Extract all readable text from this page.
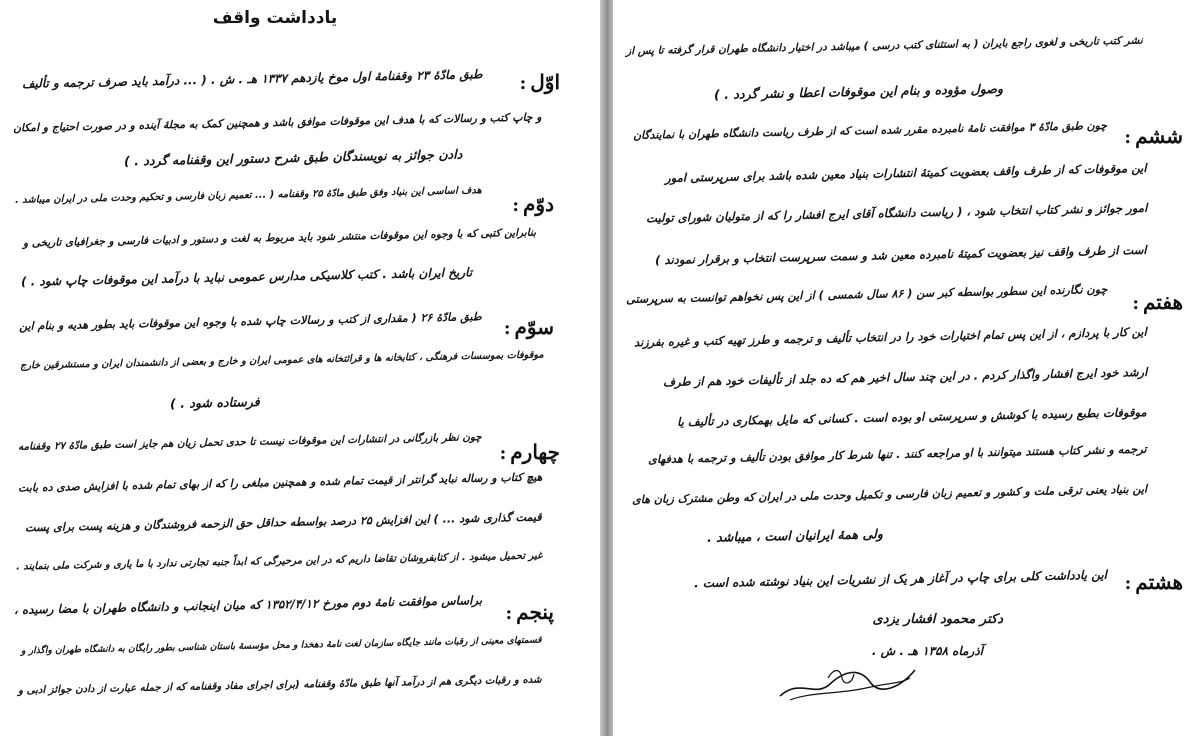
یادداشت واقف
اوّل:
طبق مادّهٔ ۲۳ وقفنامهٔ اول موخ یازدهم ۱۳۳۷ هـ . ش . ( ... درآمد باید صرف ترجمه و تألیف
و چاپ کتب و رسالات که با هدف این موقوفات موافق باشد و همچنین کمک به مجلهٔ آینده و در صورت احتیاج و امکان
دادن جوائز به نویسندگان طبق شرح دستور این وقفنامه گردد . )
دوّم:
هدف اساسی این بنیاد وفق طبق مادّهٔ ۲۵ وقفنامه ( ... تعمیم زبان فارسی و تحکیم وحدت ملی در ایران میباشد .
بنابراین کتبی که با وجوه این موقوفات منتشر شود باید مربوط به لغت و دستور و ادبیات فارسی و جغرافیای تاریخی و
تاریخ ایران باشد . کتب کلاسیکی مدارس عمومی نباید با درآمد این موقوفات چاپ شود . )
سوّم:
طبق مادّهٔ ۲۶ ( مقداری از کتب و رسالات چاپ شده با وجوه این موقوفات باید بطور هدیه و بنام این
موقوفات بموسسات فرهنگی ، کتابخانه ها و قرائتخانه های عمومی ایران و خارج و بعضی از دانشمندان ایران و مستشرقین خارج
فرستاده شود . )
چهارم:
چون نظر بازرگانی در انتشارات این موقوفات نیست تا حدی تحمل زیان هم جایز است طبق مادّهٔ ۲۷ وقفنامه
هیچ کتاب و رساله نباید گرانتر از قیمت تمام شده و همچنین مبلغی را که از بهای تمام شده با افزایش صدی ده بابت
قیمت گذاری شود ... ) این افزایش ۲۵ درصد بواسطه حداقل حق الزحمه فروشندگان و هزینه پست برای پست
غیر تحمیل میشود . از کتابفروشان تقاضا داریم که در این مرحیرگی که ابداً جنبه تجارتی ندارد با ما یاری و شرکت ملی بنمایند .
پنجم:
براساس موافقت نامهٔ دوم مورخ ۱۳۵۲/۴/۱۲ که میان اینجانب و دانشگاه طهران با مضا رسیده ،
قسمتهای معینی از رقبات مانند جایگاه سازمان لغت نامهٔ دهخدا و محل مؤسسهٔ باستان شناسی بطور رایگان به دانشگاه طهران واگذار و
شده و رقبات دیگری هم از درآمد آنها طبق مادّهٔ وقفنامه (برای اجرای مفاد وقفنامه که از جمله عبارت از دادن جوائز ادبی و
نشر کتب تاریخی و لغوی راجع بایران ( به استثنای کتب درسی ) میباشد در اختیار دانشگاه طهران قرار گرفته تا پس از
وصول مؤوده و بنام این موقوفات اعطا و نشر گردد . )
ششم:
چون طبق مادّهٔ ۳ موافقت نامهٔ نامبرده مقرر شده است که از طرف ریاست دانشگاه طهران با نمایندگان
این موقوفات که از طرف واقف بعضویت کمیتهٔ انتشارات بنیاد معین شده باشد برای سرپرستی امور
امور جوائز و نشر کتاب انتخاب شود ، ( ریاست دانشگاه آقای ایرج افشار را که از متولیان شورای تولیت
است از طرف واقف نیز بعضویت کمیتهٔ نامبرده معین شد و سمت سرپرست انتخاب و برقرار نمودند )
هفتم:
چون نگارنده این سطور بواسطه کبر سن ( ۸۶ سال شمسی ) از این پس نخواهم توانست به سرپرستی
این کار با پردازم ، از این پس تمام اختیارات خود را در انتخاب تألیف و ترجمه و طرز تهیه کتب و غیره بفرزند
ارشد خود ایرج افشار واگذار کردم . در این چند سال اخیر هم که ده جلد از تألیفات خود هم از طرف
موقوفات بطبع رسیده با کوشش و سرپرستی او بوده است . کسانی که مایل بهمکاری در تألیف یا
ترجمه و نشر کتاب هستند میتوانند با او مراجعه کنند . تنها شرط کار موافق بودن تألیف و ترجمه با هدفهای
این بنیاد یعنی ترقی ملت و کشور و تعمیم زبان فارسی و تکمیل وحدت ملی در ایران که وطن مشترک زبان های
ولی همهٔ ایرانیان است ، میباشد .
هشتم:
این یادداشت کلی برای چاپ در آغاز هر یک از نشریات این بنیاد نوشته شده است .
دکتر محمود افشار یزدی
آذرماه ۱۳۵۸ هـ . ش .
